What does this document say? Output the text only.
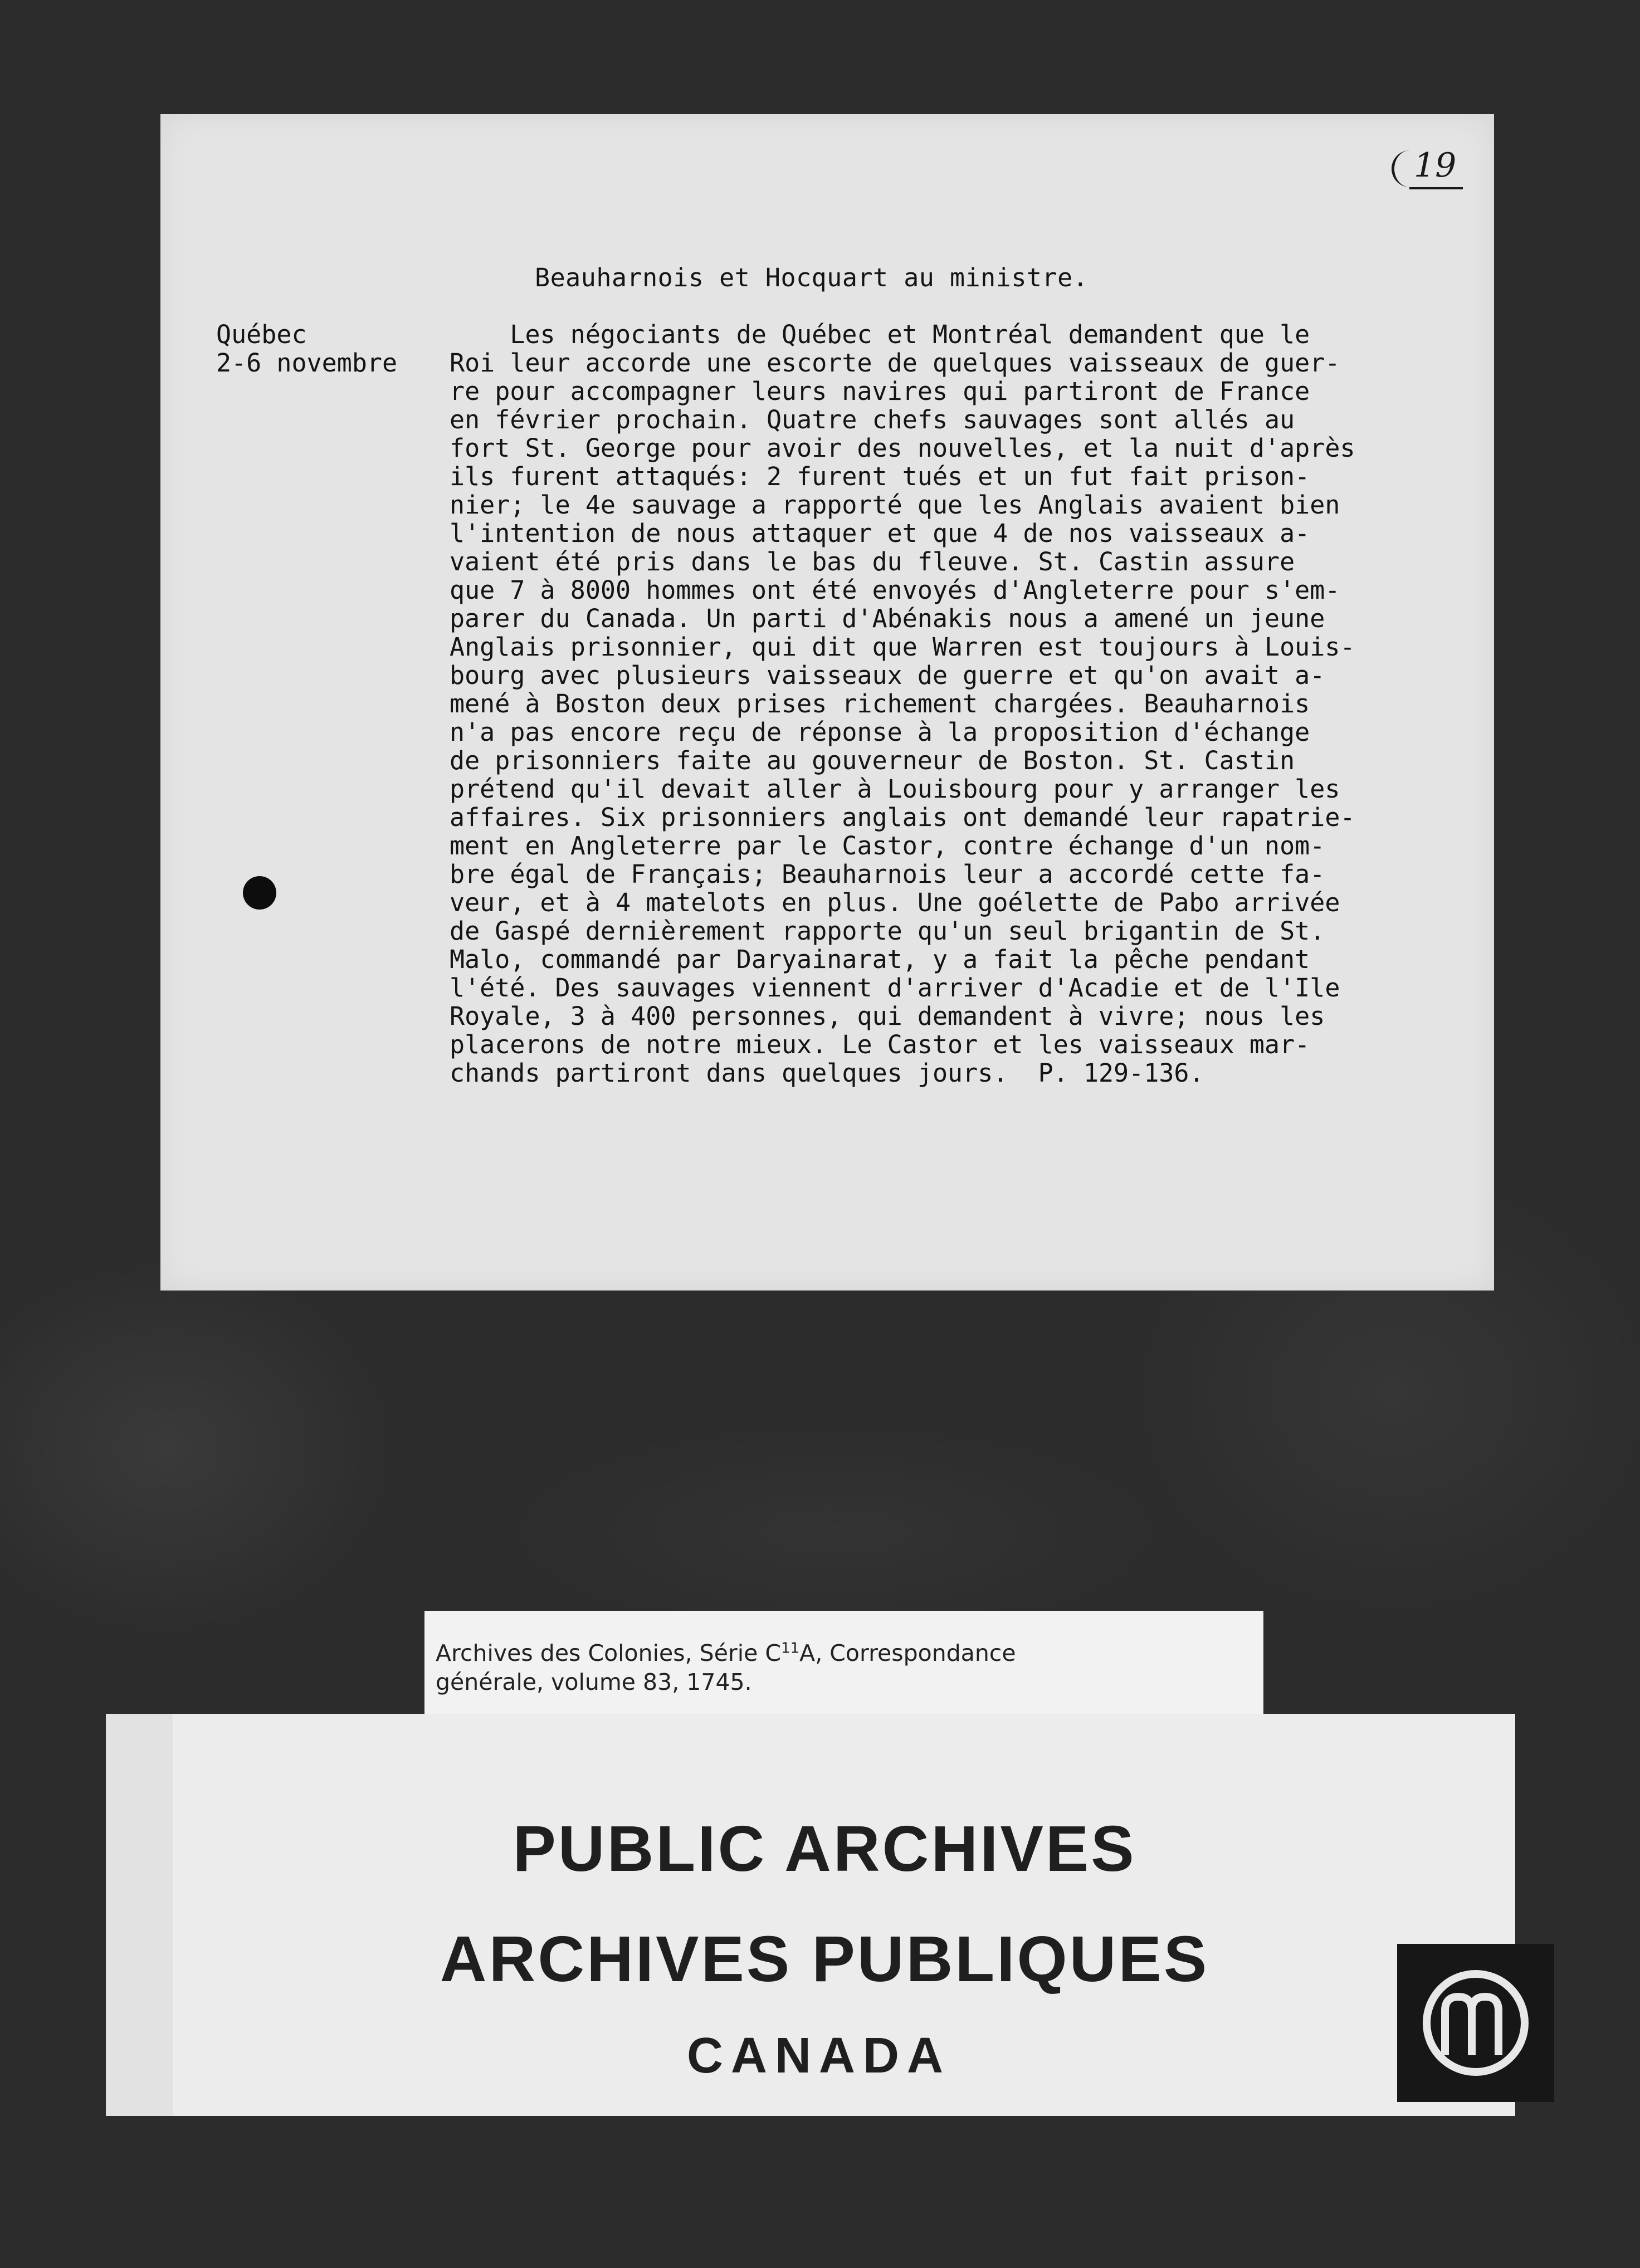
19
Beauharnois et Hocquart au ministre.
Québec
2-6 novembre

Les négociants de Québec et Montréal demandent que le

Roi leur accorde une escorte de quelques vaisseaux de guer-

re pour accompagner leurs navires qui partiront de France

en février prochain. Quatre chefs sauvages sont allés au

fort St. George pour avoir des nouvelles, et la nuit d'après

ils furent attaqués: 2 furent tués et un fut fait prison-

nier; le 4e sauvage a rapporté que les Anglais avaient bien

l'intention de nous attaquer et que 4 de nos vaisseaux a-

vaient été pris dans le bas du fleuve. St. Castin assure

que 7 à 8000 hommes ont été envoyés d'Angleterre pour s'em-

parer du Canada. Un parti d'Abénakis nous a amené un jeune

Anglais prisonnier, qui dit que Warren est toujours à Louis-

bourg avec plusieurs vaisseaux de guerre et qu'on avait a-

mené à Boston deux prises richement chargées. Beauharnois

n'a pas encore reçu de réponse à la proposition d'échange

de prisonniers faite au gouverneur de Boston. St. Castin

prétend qu'il devait aller à Louisbourg pour y arranger les

affaires. Six prisonniers anglais ont demandé leur rapatrie-

ment en Angleterre par le Castor, contre échange d'un nom-

bre égal de Français; Beauharnois leur a accordé cette fa-

veur, et à 4 matelots en plus. Une goélette de Pabo arrivée

de Gaspé dernièrement rapporte qu'un seul brigantin de St.

Malo, commandé par Daryainarat, y a fait la pêche pendant

l'été. Des sauvages viennent d'arriver d'Acadie et de l'Ile

Royale, 3 à 400 personnes, qui demandent à vivre; nous les

placerons de notre mieux. Le Castor et les vaisseaux mar-

chands partiront dans quelques jours.  P. 129-136.

Archives des Colonies, Série $C^{11}A$, Correspondance
générale, volume 83, 1745.
PUBLIC ARCHIVES
ARCHIVES PUBLIQUES
CANADA
